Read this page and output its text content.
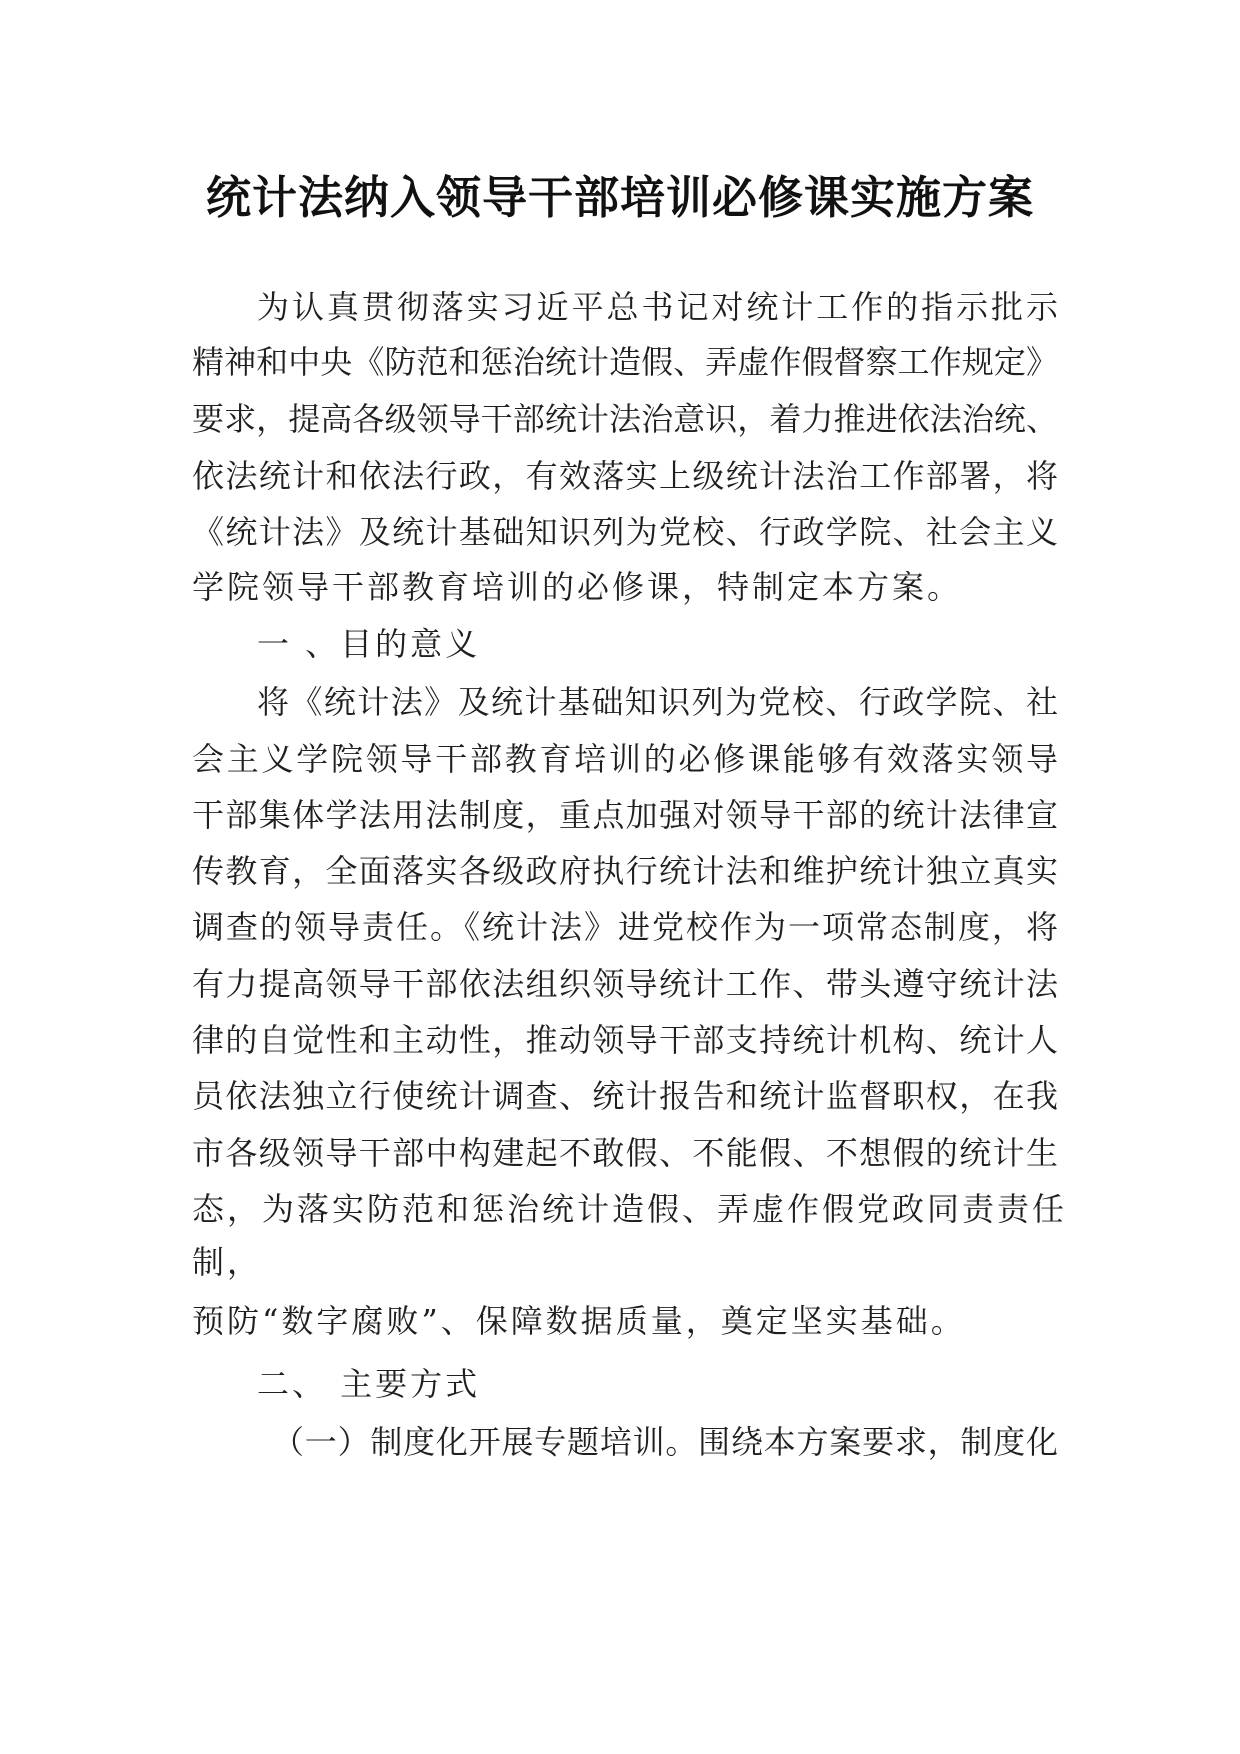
统计法纳入领导干部培训必修课实施方案

为认真贯彻落实习近平总书记对统计工作的指示批示

精神和中央《防范和惩治统计造假、弄虚作假督察工作规定》

要求，提高各级领导干部统计法治意识，着力推进依法治统、

依法统计和依法行政，有效落实上级统计法治工作部署，将

《统计法》及统计基础知识列为党校、行政学院、社会主义

学院领导干部教育培训的必修课，特制定本方案。

一 、目的意义

将《统计法》及统计基础知识列为党校、行政学院、社

会主义学院领导干部教育培训的必修课能够有效落实领导

干部集体学法用法制度，重点加强对领导干部的统计法律宣

传教育，全面落实各级政府执行统计法和维护统计独立真实

调查的领导责任。《统计法》进党校作为一项常态制度，将

有力提高领导干部依法组织领导统计工作、带头遵守统计法

律的自觉性和主动性，推动领导干部支持统计机构、统计人

员依法独立行使统计调查、统计报告和统计监督职权，在我

市各级领导干部中构建起不敢假、不能假、不想假的统计生

态，为落实防范和惩治统计造假、弄虚作假党政同责责任

制，

预防“数字腐败”、保障数据质量，奠定坚实基础。

二、 主要方式

（一）制度化开展专题培训。围绕本方案要求，制度化
